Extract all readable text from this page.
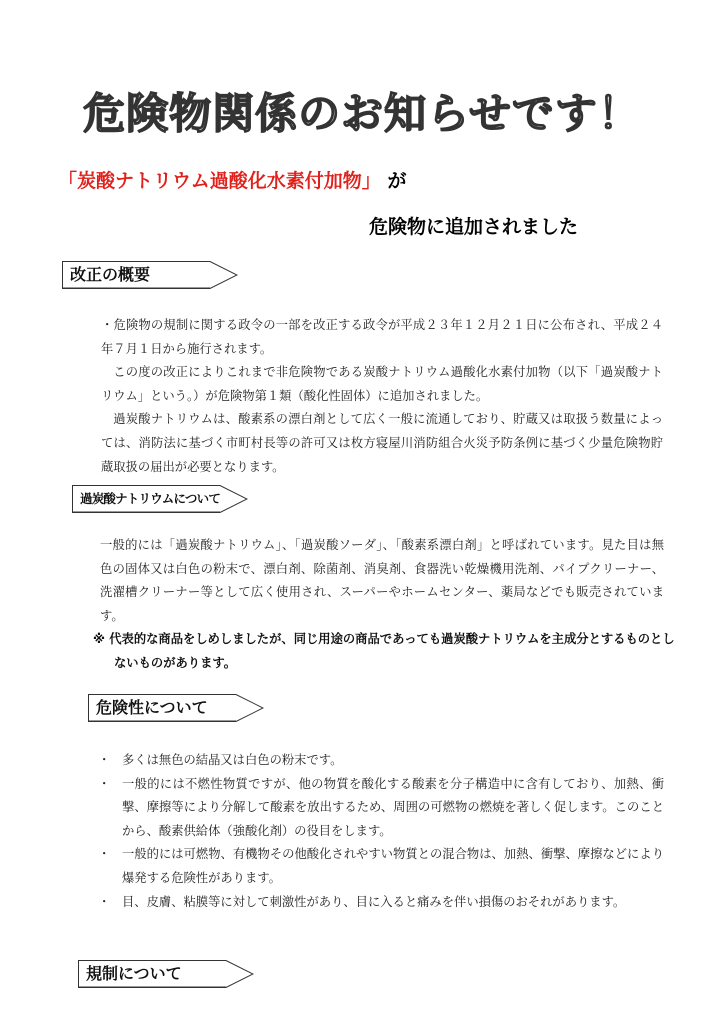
危険物関係のお知らせです！
「炭酸ナトリウム過酸化水素付加物」 が
危険物に追加されました
改正の概要

・危険物の規制に関する政令の一部を改正する政令が平成２３年１２月２１日に公布され、平成２４年７月１日から施行されます。

この度の改正によりこれまで非危険物である炭酸ナトリウム過酸化水素付加物（以下「過炭酸ナトリウム」という。）が危険物第１類（酸化性固体）に追加されました。

過炭酸ナトリウムは、酸素系の漂白剤として広く一般に流通しており、貯蔵又は取扱う数量によっては、消防法に基づく市町村長等の許可又は枚方寝屋川消防組合火災予防条例に基づく少量危険物貯蔵取扱の届出が必要となります。

過炭酸ナトリウムについて
一般的には「過炭酸ナトリウム」、「過炭酸ソーダ」、「酸素系漂白剤」と呼ばれています。見た目は無色の固体又は白色の粉末で、漂白剤、除菌剤、消臭剤、食器洗い乾燥機用洗剤、パイプクリーナー、洗濯槽クリーナー等として広く使用され、スーパーやホームセンター、薬局などでも販売されています。
※ 代表的な商品をしめしましたが、同じ用途の商品であっても過炭酸ナトリウムを主成分とするものとしないものがあります。
危険性について
・ 多くは無色の結晶又は白色の粉末です。
・ 一般的には不燃性物質ですが、他の物質を酸化する酸素を分子構造中に含有しており、加熱、衝撃、摩擦等により分解して酸素を放出するため、周囲の可燃物の燃焼を著しく促します。このことから、酸素供給体（強酸化剤）の役目をします。
・ 一般的には可燃物、有機物その他酸化されやすい物質との混合物は、加熱、衝撃、摩擦などにより爆発する危険性があります。
・ 目、皮膚、粘膜等に対して刺激性があり、目に入ると痛みを伴い損傷のおそれがあります。
規制について
